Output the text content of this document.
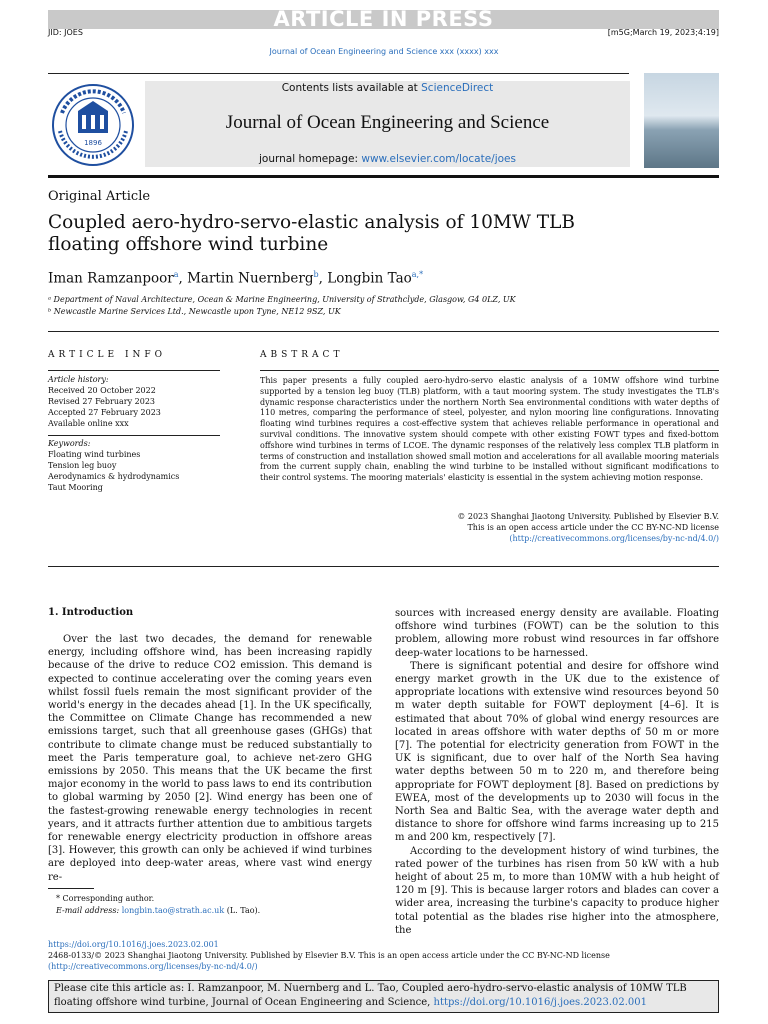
ARTICLE IN PRESS
JID: JOES	[m5G;March 19, 2023;4:19]
Journal of Ocean Engineering and Science xxx (xxxx) xxx
1896
Contents lists available at ScienceDirect
Journal of Ocean Engineering and Science
journal homepage: www.elsevier.com/locate/joes
Original Article
Coupled aero-hydro-servo-elastic analysis of 10MW TLB floating offshore wind turbine
Iman Ramzanpoor$^a$, Martin Nuernberg$^b$, Longbin Tao$^{a,*}$
ᵃ Department of Naval Architecture, Ocean & Marine Engineering, University of Strathclyde, Glasgow, G4 0LZ, UK
ᵇ Newcastle Marine Services Ltd., Newcastle upon Tyne, NE12 9SZ, UK
ARTICLE INFO
Article history:
Received 20 October 2022
Revised 27 February 2023
Accepted 27 February 2023
Available online xxx
Keywords:
Floating wind turbines
Tension leg buoy
Aerodynamics & hydrodynamics
Taut Mooring
ABSTRACT
This paper presents a fully coupled aero-hydro-servo elastic analysis of a 10MW offshore wind turbine supported by a tension leg buoy (TLB) platform, with a taut mooring system. The study investigates the TLB's dynamic response characteristics under the northern North Sea environmental conditions with water depths of 110 metres, comparing the performance of steel, polyester, and nylon mooring line configurations. Innovating floating wind turbines requires a cost-effective system that achieves reliable performance in operational and survival conditions. The innovative system should compete with other existing FOWT types and fixed-bottom offshore wind turbines in terms of LCOE. The dynamic responses of the relatively less complex TLB platform in terms of construction and installation showed small motion and accelerations for all available mooring materials from the current supply chain, enabling the wind turbine to be installed without significant modifications to their control systems. The mooring materials' elasticity is essential in the system achieving motion response.
© 2023 Shanghai Jiaotong University. Published by Elsevier B.V.
This is an open access article under the CC BY-NC-ND license
(http://creativecommons.org/licenses/by-nc-nd/4.0/)
1. Introduction
Over the last two decades, the demand for renewable energy, including offshore wind, has been increasing rapidly because of the drive to reduce CO2 emission. This demand is expected to continue accelerating over the coming years even whilst fossil fuels remain the most significant provider of the world's energy in the decades ahead [1]. In the UK specifically, the Committee on Climate Change has recommended a new emissions target, such that all greenhouse gases (GHGs) that contribute to climate change must be reduced substantially to meet the Paris temperature goal, to achieve net-zero GHG emissions by 2050. This means that the UK became the first major economy in the world to pass laws to end its contribution to global warming by 2050 [2]. Wind energy has been one of the fastest-growing renewable energy technologies in recent years, and it attracts further attention due to ambitious targets for renewable energy electricity production in offshore areas [3]. However, this growth can only be achieved if wind turbines are deployed into deep-water areas, where vast wind energy re-

sources with increased energy density are available. Floating offshore wind turbines (FOWT) can be the solution to this problem, allowing more robust wind resources in far offshore deep-water locations to be harnessed.

There is significant potential and desire for offshore wind energy market growth in the UK due to the existence of appropriate locations with extensive wind resources beyond 50 m water depth suitable for FOWT deployment [4–6]. It is estimated that about 70% of global wind energy resources are located in areas offshore with water depths of 50 m or more [7]. The potential for electricity generation from FOWT in the UK is significant, due to over half of the North Sea having water depths between 50 m to 220 m, and therefore being appropriate for FOWT deployment [8]. Based on predictions by EWEA, most of the developments up to 2030 will focus in the North Sea and Baltic Sea, with the average water depth and distance to shore for offshore wind farms increasing up to 215 m and 200 km, respectively [7].

According to the development history of wind turbines, the rated power of the turbines has risen from 50 kW with a hub height of about 25 m, to more than 10MW with a hub height of 120 m [9]. This is because larger rotors and blades can cover a wider area, increasing the turbine's capacity to produce higher total potential as the blades rise higher into the atmosphere, the

* Corresponding author.
E-mail address: longbin.tao@strath.ac.uk (L. Tao).
https://doi.org/10.1016/j.joes.2023.02.001
2468-0133/© 2023 Shanghai Jiaotong University. Published by Elsevier B.V. This is an open access article under the CC BY-NC-ND license
(http://creativecommons.org/licenses/by-nc-nd/4.0/)
Please cite this article as: I. Ramzanpoor, M. Nuernberg and L. Tao, Coupled aero-hydro-servo-elastic analysis of 10MW TLB floating offshore wind turbine, Journal of Ocean Engineering and Science, https://doi.org/10.1016/j.joes.2023.02.001
